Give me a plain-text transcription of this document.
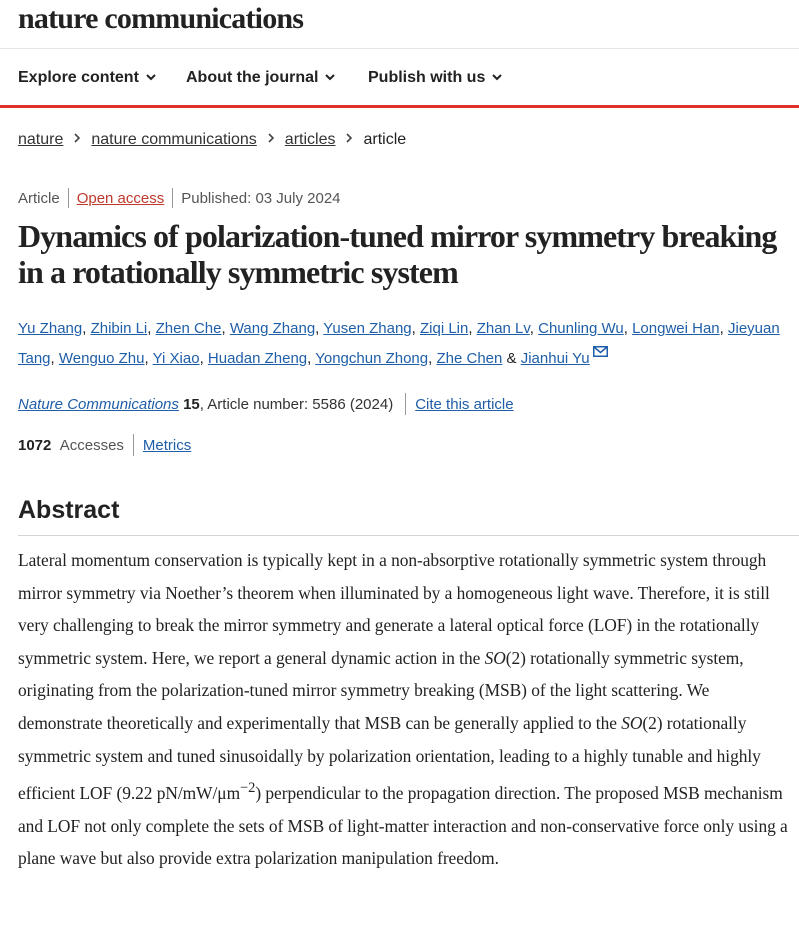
nature communications
Explore content	About the journal	Publish with us
nature nature communications articles article
Article Open access Published: 03 July 2024
Dynamics of polarization-tuned mirror symmetry breaking in a rotationally symmetric system
Yu Zhang, Zhibin Li, Zhen Che, Wang Zhang, Yusen Zhang, Ziqi Lin, Zhan Lv, Chunling Wu, Longwei Han, Jieyuan Tang, Wenguo Zhu, Yi Xiao, Huadan Zheng, Yongchun Zhong, Zhe Chen & Jianhui Yu
Nature Communications 15, Article number: 5586 (2024) Cite this article
1072 Accesses Metrics
Abstract

Lateral momentum conservation is typically kept in a non-absorptive rotationally symmetric system through mirror symmetry via Noether’s theorem when illuminated by a homogeneous light wave. Therefore, it is still very challenging to break the mirror symmetry and generate a lateral optical force (LOF) in the rotationally symmetric system. Here, we report a general dynamic action in the SO(2) rotationally symmetric system, originating from the polarization-tuned mirror symmetry breaking (MSB) of the light scattering. We demonstrate theoretically and experimentally that MSB can be generally applied to the SO(2) rotationally symmetric system and tuned sinusoidally by polarization orientation, leading to a highly tunable and highly efficient LOF (9.22 $pN/mW/\mu m^{-2}$) perpendicular to the propagation direction. The proposed MSB mechanism and LOF not only complete the sets of MSB of light-matter interaction and non-conservative force only using a plane wave but also provide extra polarization manipulation freedom.
